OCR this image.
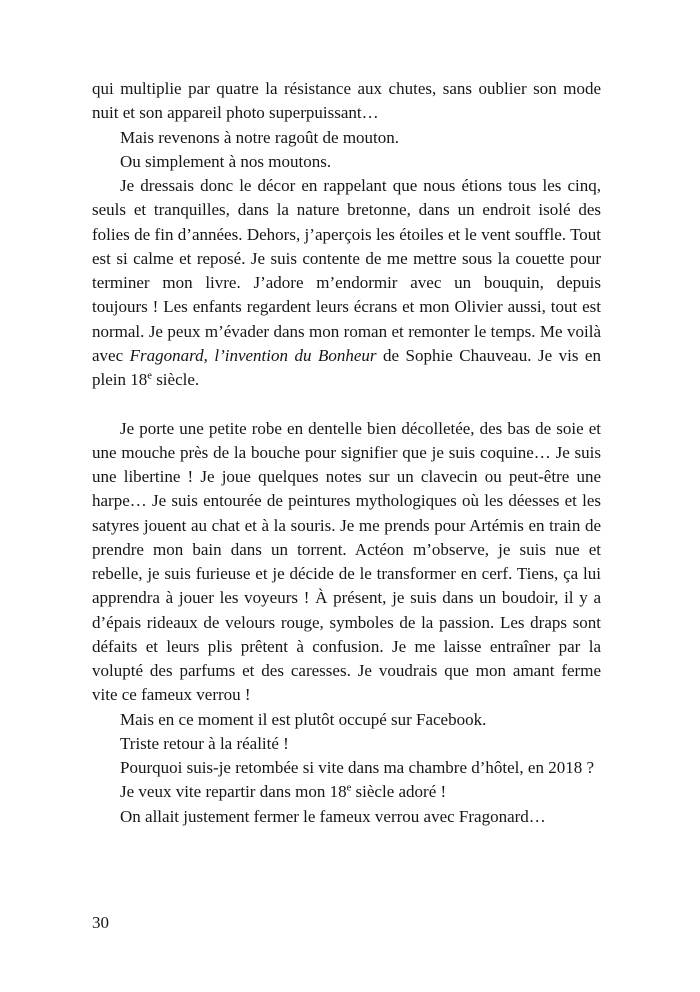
qui multiplie par quatre la résistance aux chutes, sans oublier son mode nuit et son appareil photo superpuissant…

Mais revenons à notre ragoût de mouton.

Ou simplement à nos moutons.

Je dressais donc le décor en rappelant que nous étions tous les cinq, seuls et tranquilles, dans la nature bretonne, dans un endroit isolé des folies de fin d’années. Dehors, j’aperçois les étoiles et le vent souffle. Tout est si calme et reposé. Je suis contente de me mettre sous la couette pour terminer mon livre. J’adore m’endormir avec un bouquin, depuis toujours ! Les enfants regardent leurs écrans et mon Olivier aussi, tout est normal. Je peux m’évader dans mon roman et remonter le temps. Me voilà avec Fragonard, l’invention du Bonheur de Sophie Chauveau. Je vis en plein 18e siècle.

Je porte une petite robe en dentelle bien décolletée, des bas de soie et une mouche près de la bouche pour signifier que je suis coquine… Je suis une libertine ! Je joue quelques notes sur un clavecin ou peut-être une harpe… Je suis entourée de peintures mythologiques où les déesses et les satyres jouent au chat et à la souris. Je me prends pour Artémis en train de prendre mon bain dans un torrent. Actéon m’observe, je suis nue et rebelle, je suis furieuse et je décide de le transformer en cerf. Tiens, ça lui apprendra à jouer les voyeurs ! À présent, je suis dans un boudoir, il y a d’épais rideaux de velours rouge, symboles de la passion. Les draps sont défaits et leurs plis prêtent à confusion. Je me laisse entraîner par la volupté des parfums et des caresses. Je voudrais que mon amant ferme vite ce fameux verrou !

Mais en ce moment il est plutôt occupé sur Facebook.

Triste retour à la réalité !

Pourquoi suis-je retombée si vite dans ma chambre d’hôtel, en 2018 ?

Je veux vite repartir dans mon 18e siècle adoré !

On allait justement fermer le fameux verrou avec Fragonard…

30
